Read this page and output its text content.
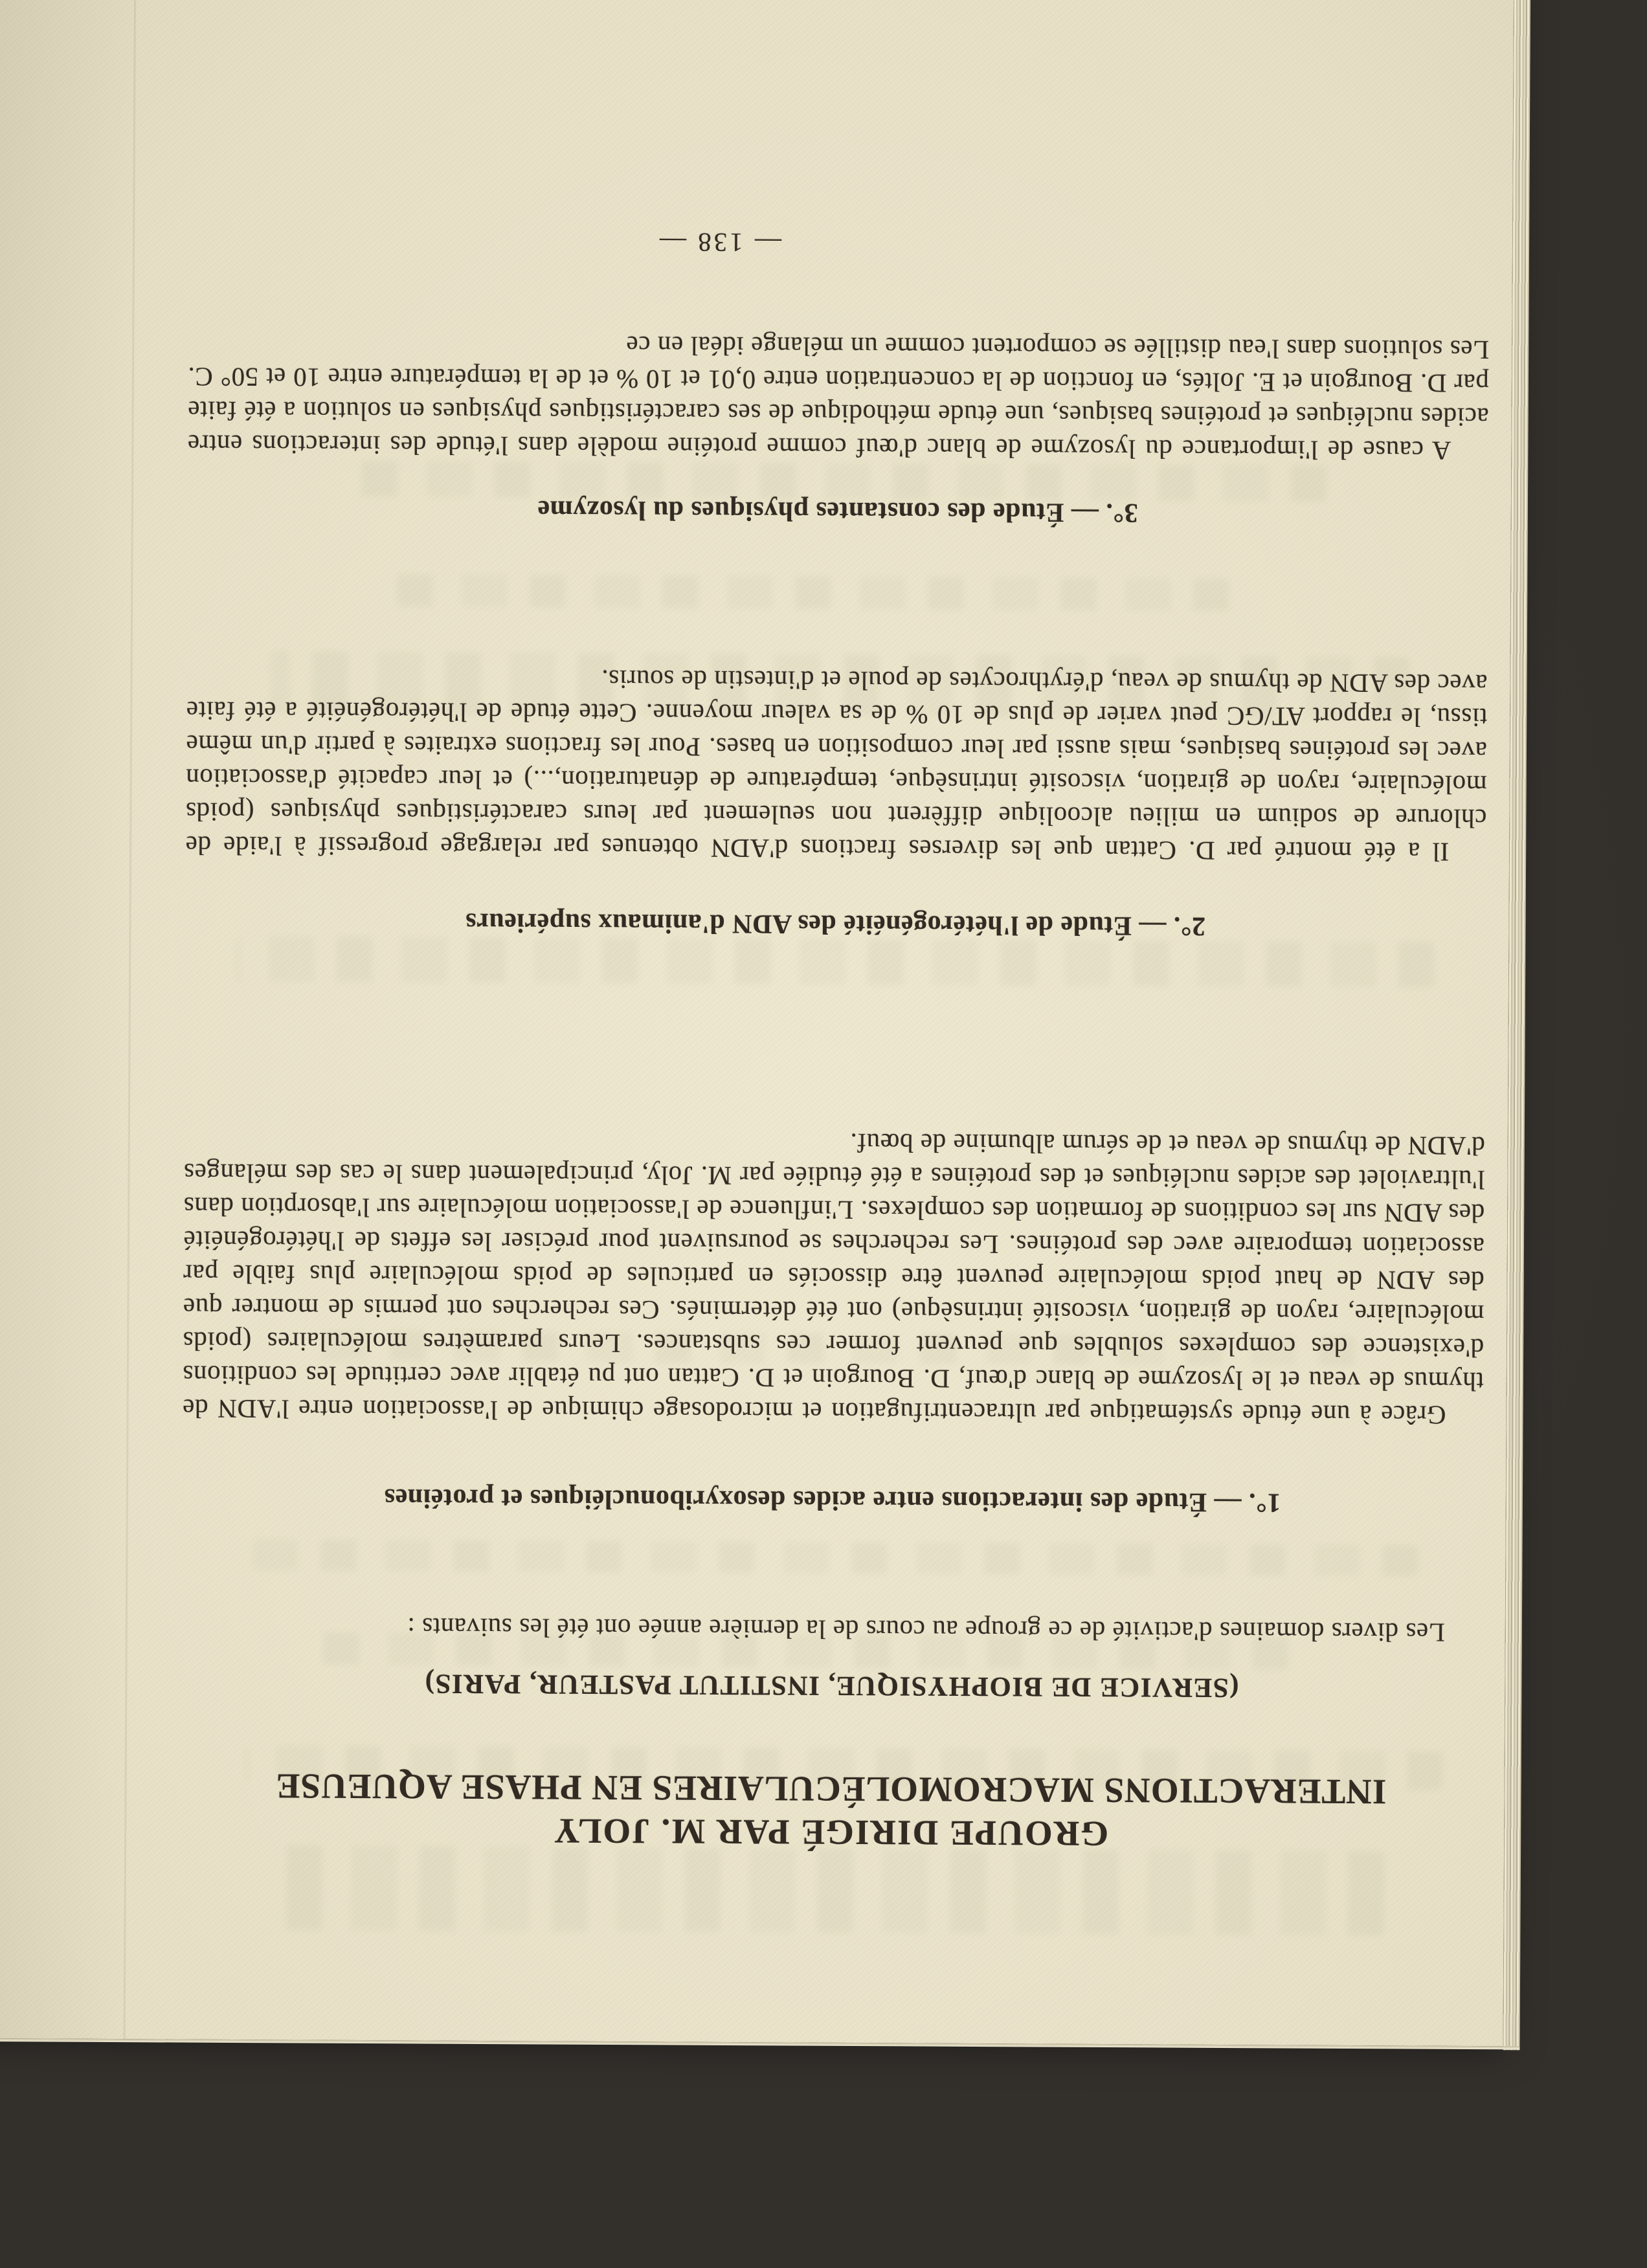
GROUPE DIRIGÉ PAR M. JOLY
INTERACTIONS MACROMOLÉCULAIRES EN PHASE AQUEUSE
(SERVICE DE BIOPHYSIQUE, INSTITUT PASTEUR, PARIS)
Les divers domaines d'activité de ce groupe au cours de la dernière année ont été les suivants :
1°. — Étude des interactions entre acides desoxyribonucléiques et protéines
Grâce à une étude systématique par ultracentrifugation et microdosage chimique de l'association entre l'ADN de thymus de veau et le lysozyme de blanc d'œuf, D. Bourgoin et D. Cattan ont pu établir avec certitude les conditions d'existence des complexes solubles que peuvent former ces substances. Leurs paramètres moléculaires (poids moléculaire, rayon de giration, viscosité intrinsèque) ont été déterminés. Ces recherches ont permis de montrer que des ADN de haut poids moléculaire peuvent être dissociés en particules de poids moléculaire plus faible par association temporaire avec des protéines. Les recherches se poursuivent pour préciser les effets de l'hétérogénéité des ADN sur les conditions de formation des complexes. L'influence de l'association moléculaire sur l'absorption dans l'ultraviolet des acides nucléiques et des protéines a été étudiée par M. Joly, principalement dans le cas des mélanges d'ADN de thymus de veau et de sérum albumine de bœuf.
2°. — Étude de l'hétérogénéité des ADN d'animaux supérieurs
Il a été montré par D. Cattan que les diverses fractions d'ADN obtenues par relargage progressif à l'aide de chlorure de sodium en milieu alcoolique diffèrent non seulement par leurs caractéristiques physiques (poids moléculaire, rayon de giration, viscosité intrinsèque, température de dénaturation,...) et leur capacité d'association avec les protéines basiques, mais aussi par leur composition en bases. Pour les fractions extraites à partir d'un même tissu, le rapport AT/GC peut varier de plus de 10 % de sa valeur moyenne. Cette étude de l'hétérogénéité a été faite avec des ADN de thymus de veau, d'érythrocytes de poule et d'intestin de souris.
3°. — Étude des constantes physiques du lysozyme
A cause de l'importance du lysozyme de blanc d'œuf comme protéine modèle dans l'étude des interactions entre acides nucléiques et protéines basiques, une étude méthodique de ses caractéristiques physiques en solution a été faite par D. Bourgoin et E. Joltés, en fonction de la concentration entre 0,01 et 10 % et de la température entre 10 et 50° C. Les solutions dans l'eau distillée se comportent comme un mélange idéal en ce
— 138 —
